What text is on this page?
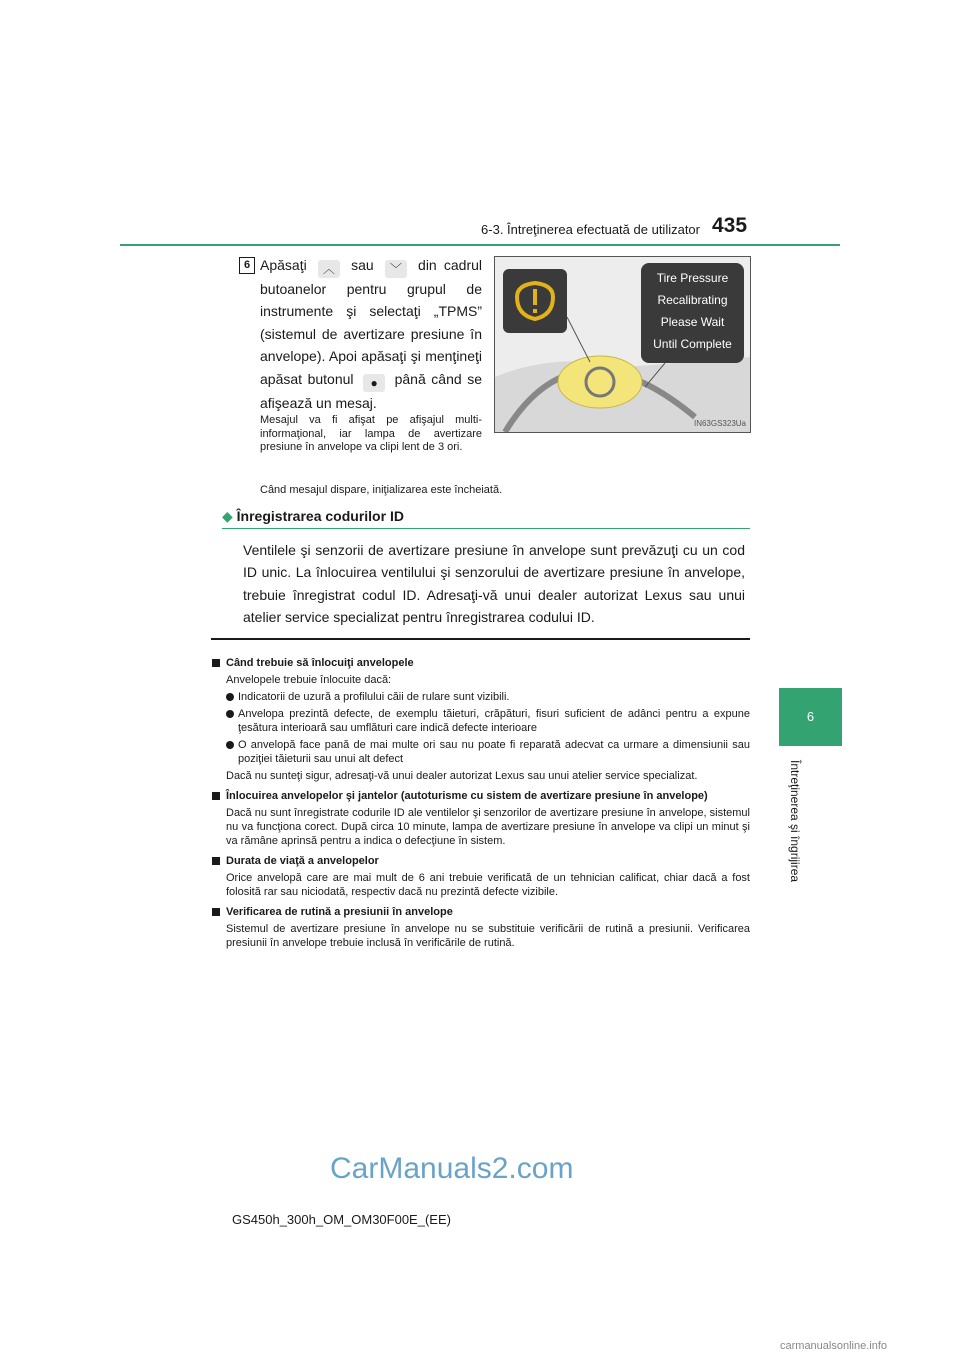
6-3. Întreţinerea efectuată de utilizator 435
6
Întreţinerea şi îngrijirea
6 Apăsaţi ︿ sau ﹀ din cadrul butoanelor pentru grupul de instrumente şi selectaţi „TPMS” (sistemul de avertizare presiune în anvelope). Apoi apăsaţi şi menţineţi apăsat butonul ● până când se afişează un mesaj.
Mesajul va fi afişat pe afişajul multi-informaţional, iar lampa de avertizare presiune în anvelope va clipi lent de 3 ori.
Când mesajul dispare, iniţializarea este încheiată.
Tire Pressure
Recalibrating
Please Wait
Until Complete
IN63GS323Ua
◆ Înregistrarea codurilor ID
Ventilele şi senzorii de avertizare presiune în anvelope sunt prevăzuţi cu un cod ID unic. La înlocuirea ventilului şi senzorului de avertizare presiune în anvelope, trebuie înregistrat codul ID. Adresaţi-vă unui dealer autorizat Lexus sau unui atelier service specializat pentru înregistrarea codului ID.
Când trebuie să înlocuiţi anvelopele
Anvelopele trebuie înlocuite dacă:
Indicatorii de uzură a profilului căii de rulare sunt vizibili.
Anvelopa prezintă defecte, de exemplu tăieturi, crăpături, fisuri suficient de adânci pentru a expune ţesătura interioară sau umflături care indică defecte interioare
O anvelopă face pană de mai multe ori sau nu poate fi reparată adecvat ca urmare a dimensiunii sau poziţiei tăieturii sau unui alt defect
Dacă nu sunteţi sigur, adresaţi-vă unui dealer autorizat Lexus sau unui atelier service specializat.
Înlocuirea anvelopelor şi jantelor (autoturisme cu sistem de avertizare presiune în anvelope)
Dacă nu sunt înregistrate codurile ID ale ventilelor şi senzorilor de avertizare presiune în anvelope, sistemul nu va funcţiona corect. După circa 10 minute, lampa de avertizare presiune în anvelope va clipi un minut şi va rămâne aprinsă pentru a indica o defecţiune în sistem.
Durata de viaţă a anvelopelor
Orice anvelopă care are mai mult de 6 ani trebuie verificată de un tehnician calificat, chiar dacă a fost folosită rar sau niciodată, respectiv dacă nu prezintă defecte vizibile.
Verificarea de rutină a presiunii în anvelope
Sistemul de avertizare presiune în anvelope nu se substituie verificării de rutină a presiunii. Verificarea presiunii în anvelope trebuie inclusă în verificările de rutină.
CarManuals2.com
GS450h_300h_OM_OM30F00E_(EE)
carmanualsonline.info
